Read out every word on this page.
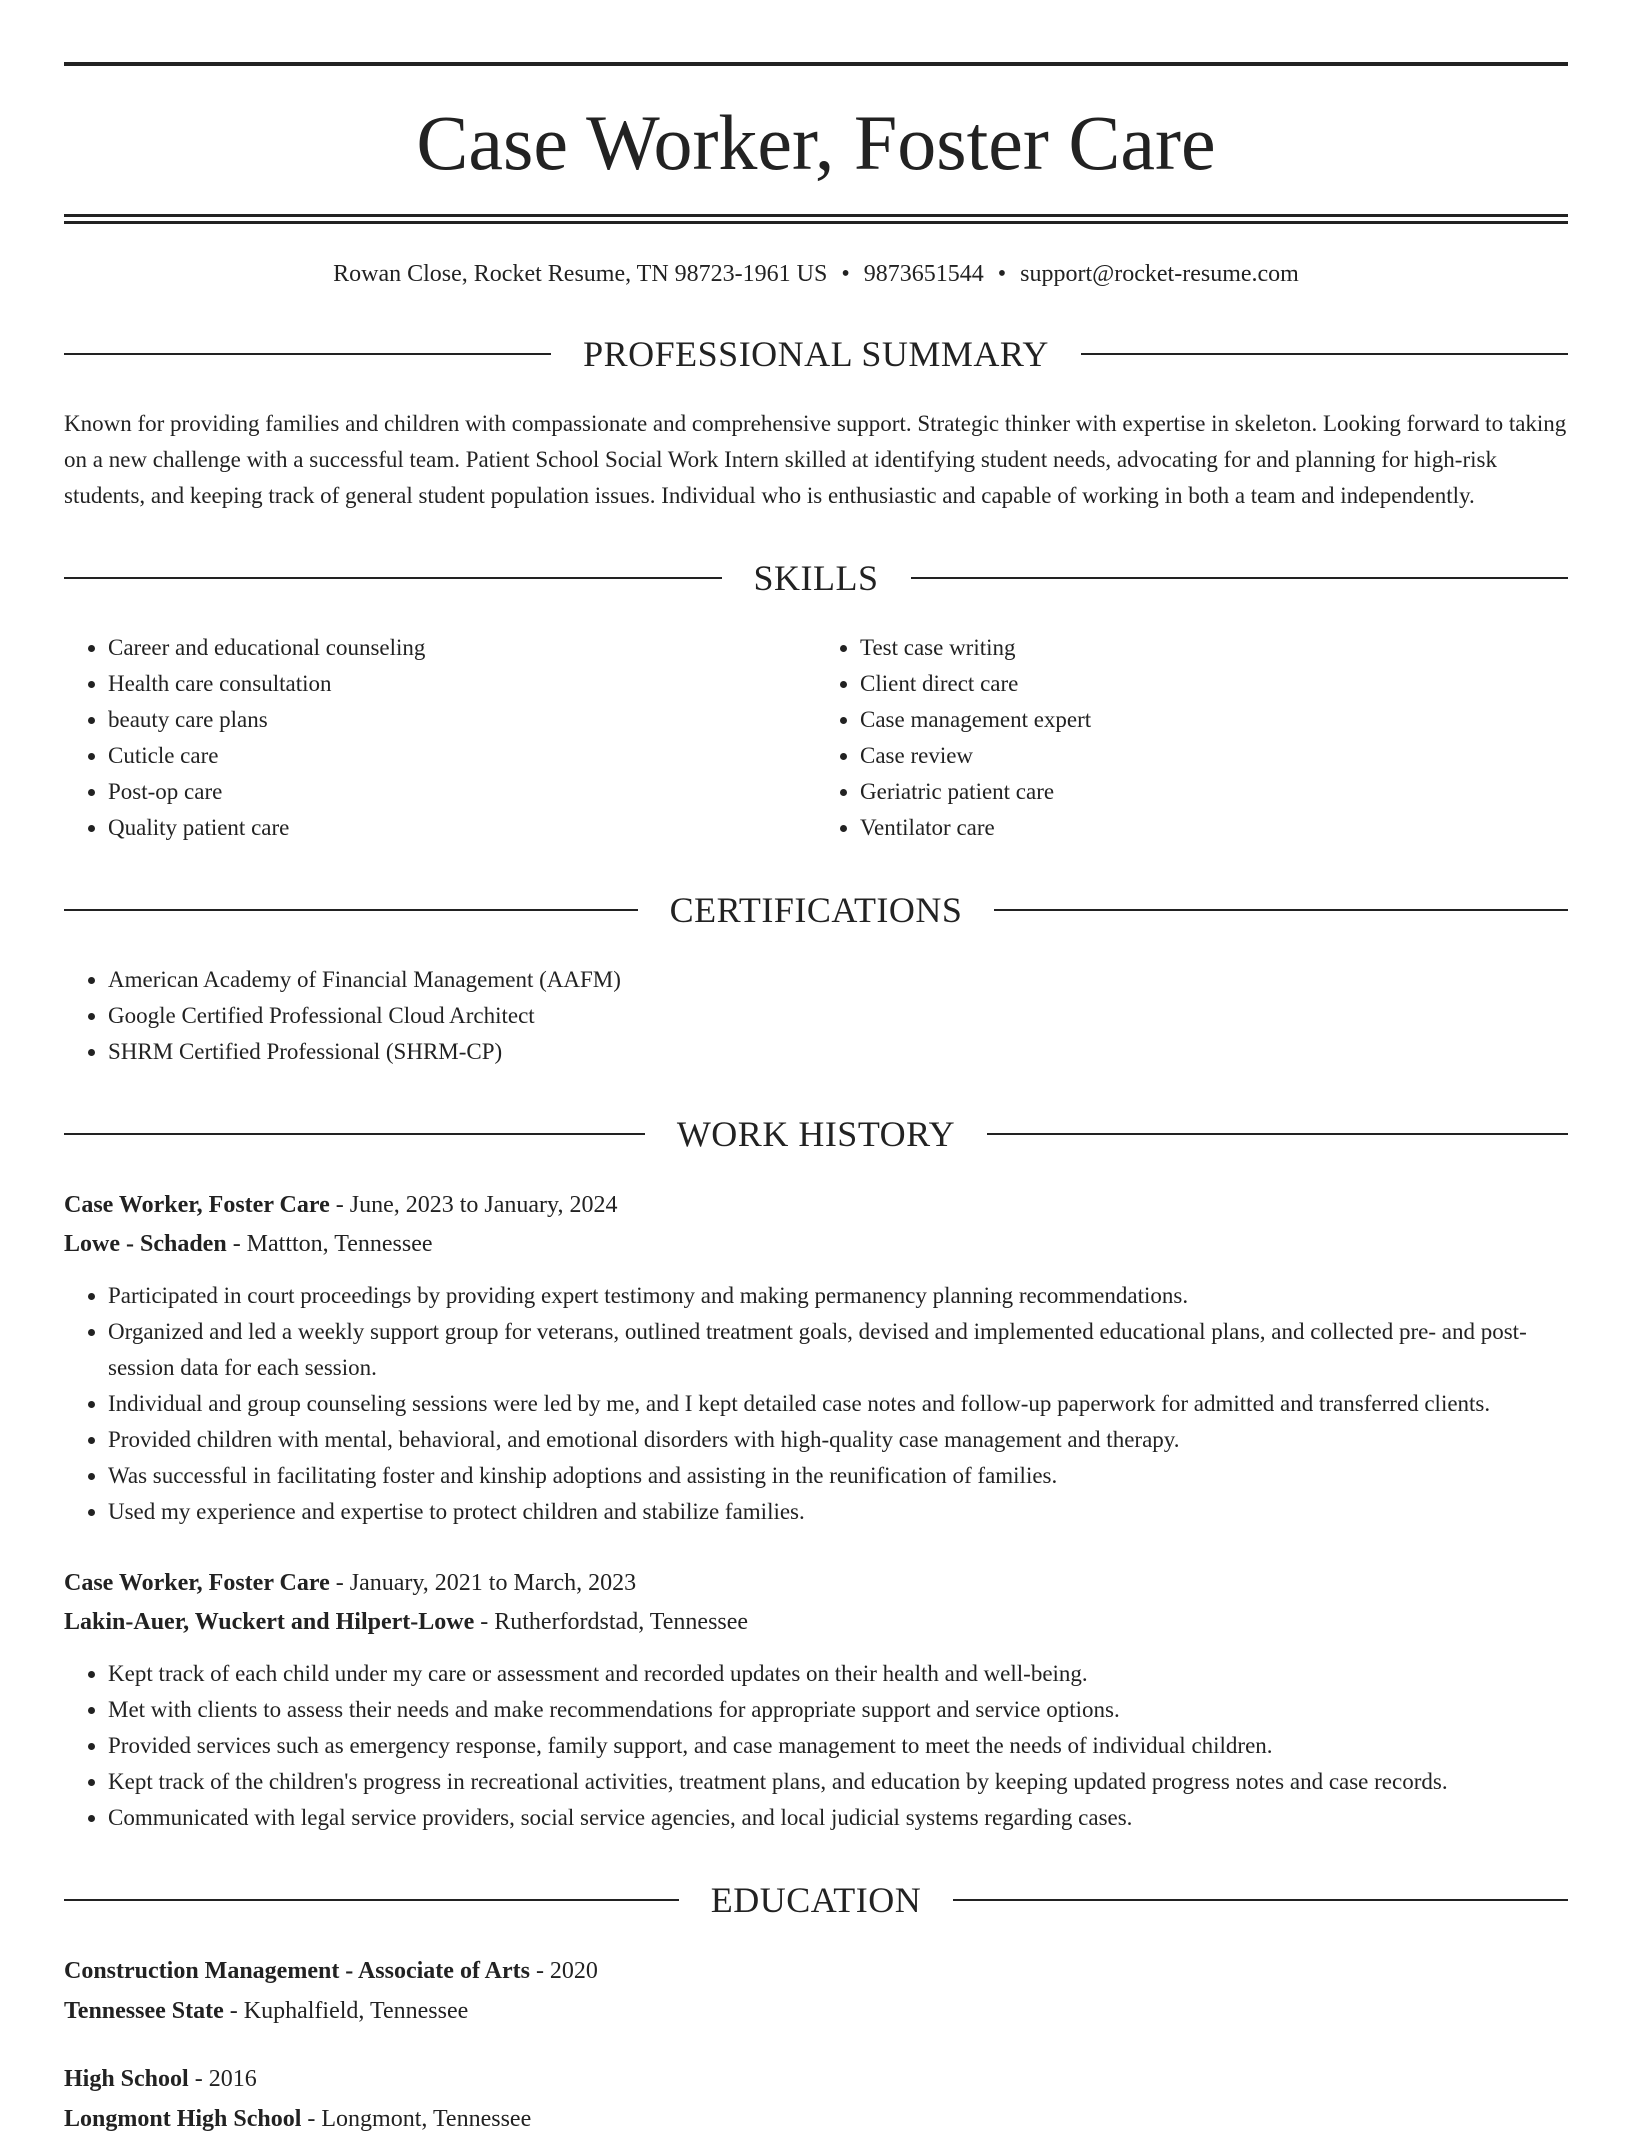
Case Worker, Foster Care
Rowan Close, Rocket Resume, TN 98723-1961 US • 9873651544 • support@rocket-resume.com
PROFESSIONAL SUMMARY
Known for providing families and children with compassionate and comprehensive support. Strategic thinker with expertise in skeleton. Looking forward to taking on a new challenge with a successful team. Patient School Social Work Intern skilled at identifying student needs, advocating for and planning for high-risk students, and keeping track of general student population issues. Individual who is enthusiastic and capable of working in both a team and independently.
SKILLS
• Career and educational counseling
• Health care consultation
• beauty care plans
• Cuticle care
• Post-op care
• Quality patient care
• Test case writing
• Client direct care
• Case management expert
• Case review
• Geriatric patient care
• Ventilator care
CERTIFICATIONS
• American Academy of Financial Management (AAFM)
• Google Certified Professional Cloud Architect
• SHRM Certified Professional (SHRM-CP)
WORK HISTORY
Case Worker, Foster Care - June, 2023 to January, 2024
Lowe - Schaden - Mattton, Tennessee
• Participated in court proceedings by providing expert testimony and making permanency planning recommendations.
• Organized and led a weekly support group for veterans, outlined treatment goals, devised and implemented educational plans, and collected pre- and post-session data for each session.
• Individual and group counseling sessions were led by me, and I kept detailed case notes and follow-up paperwork for admitted and transferred clients.
• Provided children with mental, behavioral, and emotional disorders with high-quality case management and therapy.
• Was successful in facilitating foster and kinship adoptions and assisting in the reunification of families.
• Used my experience and expertise to protect children and stabilize families.
Case Worker, Foster Care - January, 2021 to March, 2023
Lakin-Auer, Wuckert and Hilpert-Lowe - Rutherfordstad, Tennessee
• Kept track of each child under my care or assessment and recorded updates on their health and well-being.
• Met with clients to assess their needs and make recommendations for appropriate support and service options.
• Provided services such as emergency response, family support, and case management to meet the needs of individual children.
• Kept track of the children's progress in recreational activities, treatment plans, and education by keeping updated progress notes and case records.
• Communicated with legal service providers, social service agencies, and local judicial systems regarding cases.
EDUCATION
Construction Management - Associate of Arts - 2020
Tennessee State - Kuphalfield, Tennessee
High School - 2016
Longmont High School - Longmont, Tennessee
